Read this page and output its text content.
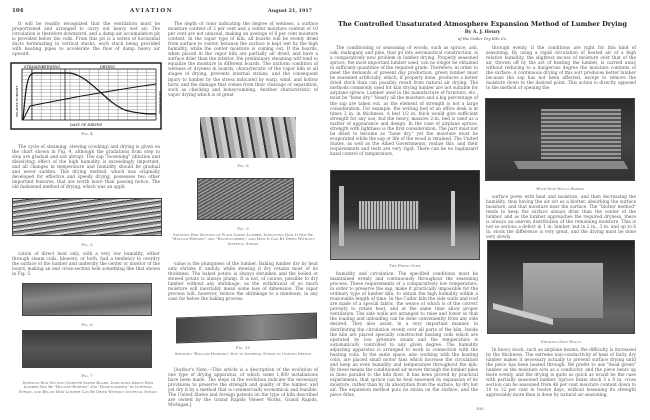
104	AVIATION	August 21, 1917

It will be readily recognized that the ventilation must be proportioned and arranged to carry out heavy wet air. The circulation is therefore downward, and a damp air accumulation pit is provided below the coils. From this pit is a series of horizontal ducts terminating in vertical stacks, each stack being provided with heating pipes to accelerate the flow of damp heavy air upward.

STEAMING
STEWING	DRYING
DAYS OF DRYING
RELATIVE HUMIDITY	TEMPERATURE
Fig. 4

The cycle of steaming, stewing (cooking) and drying is given on the chart shown in Fig. 4, although the gradations from step to step are gradual and not abrupt. The sap "loosening" (dilution and dissolving) effect of the high humidity is exceedingly important, and all changes in temperature and humidity should be gradual and never sudden. This drying method, which was originally developed for effective and speedy drying, possesses two other important features, that are worth more than passing notice. The old fashioned method of drying, which was an appli-

Fig. 5

cation of direct heat only, with a very low humidity, either through steam coils, blowers, or both, had a tendency to overdry the surface of the lumber and underdry the center or interior of the board, making an end cross-section look something like that shown in Fig. 5.

Fig. 6
Fig. 7
Showing End Section Quarter Sawed Board, Indicating Above How Lumber May Be "Hollow-Horned" and "Honeycombed" by Internal Strain, and Below How Lumber Can Be Dried Without Internal Strain

The depth of color indicating the degree of wetness, a surface moisture content of 2 per cent and a center moisture content of 10 per cent are not unusual, making an average of 6 per cent moisture content. In the vapor type of kiln, all boards will be evenly dried from surface to center, because the surface is kept wet by the high humidity, while the center moisture is coming out. If the boards, when placed in the vapor kiln are partially air dried, and have a surface drier than the interior, the preliminary steaming will tend to equalize the moisture in different boards. The uniform condition of wetness or dryness in boards, characteristic of the vapor kiln at all stages of drying, prevents internal strains, and the consequent injury to lumber by the stress indicated by warp, wind, and hollow horn, and the damage that comes from their cleavage or separation, such as checking and honeycombing. Another characteristic of vapor drying which is of great

Fig. 8
Fig. 9
Showing End Section of Plain Sawed Lumber, Indicating How It May Be "Hollow-Horned" and "Honeycombed," and How It Can Be Dried Without Internal Strain

value is the plumpness of the lumber. Baking lumber dry by heat only shrinks it unduly, while stewing it dry retains most of its thickness. The baked potato is always shrunken and the boiled or stewed potato is always plump. It is not, of course, possible to dry lumber without any shrinkage, as the withdrawal of so much moisture will inevitably mean some loss of dimension. The vapor process will, however, reduce the shrinkage to a minimum, in any case far below the baking process.

Fig. 10
Showing "Hollow-Horning" Due to Internal Strain in Uneven Drying

[Author's Note.—This article is a description of the evolution of one type of drying apparatus, of which some 1,800 installations have been made. The steps in the evolution indicate the necessary provisions to preserve the strength and quality of the lumber, and yet dry it by a method that is commercially economical and feasible. The United States and foreign patents on the type of kiln described are owned by the Grand Rapids Veneer Works, Grand Rapids, Michigan.]

The Controlled Unsaturated Atmosphere Expansion Method of Lumber Drying
By A. J. Henry
of the Cutler Dry Kiln Co.

The conditioning or seasoning of woods, such as spruce, ash, oak, mahogany and pine, that go into aeronautical construction, is a comparatively new problem in lumber drying. Properly seasoned spruce, the most important lumber used, can no longer be obtained in sufficient quantities of the required grade. Therefore, in order to meet the demands of present day production, green lumber must be seasoned artificially, which, if properly done, produces a better dried stock than can possibly result from natural air drying. The methods commonly used for kiln drying lumber are not suitable for airplane spruce. Lumber used in the manufacture of furniture, etc., must be "bone dry." Nearly all the moisture and a big percentage of the sap are taken out, as the element of strength is not a large consideration. For example, the writing bed of an office desk is at times 2 in. in thickness. A bed 1/2 in. thick would give sufficient strength for any use, but the heavy, massive 2-in. bed is used as a matter of appearance and design. In the case of airplane spruce, strength with lightness is the first consideration. The part must not be dried to become as "bone dry," yet the moisture must be evaporated while the sap or life of the wood is retained. The United States, as well as the Allied Governments, realize this, and their requirements and tests are very rigid. There can be no haphazard hand control of temperature,

The Front View

humidity and circulation. The specified conditions must be maintained evenly and continuously throughout the seasoning process. These requirements of a comparatively low temperature, in order to preserve the sap, make it practically impossible for the ordinary type of lumber kiln, to obtain the high humidity within a reasonable length of time. In the Cutler kiln the side walls and roof are made of a special fabric, the weave of which is of the correct porosity to retain heat, and at the same time allow proper ventilation. The side walls are arranged to raise and lower so that the loading and unloading can be done conveniently from any side desired. They also assist, in a very important manner, in distributing the circulation evenly over all parts of the kiln. Inside the kiln are placed specially constructed heating coils which are operated by low pressure steam and the temperature is automatically controlled to any given degree. The humidity adjusting apparatus is arranged to work in connection with the heating coils. In the same space, also working with the heating coils, are placed small motor fans which increase the circulation and keep an even humidity and temperature throughout the kiln. By these means the conditioned air moves through the lumber piles in lines parallel to the kiln floor. It has been proved by practical experiments, that spruce can be best seasoned by expansion of its moisture, rather than by its absorption from the surface, by dry hot air. The expansion method puts no strain on the surface, and the piece dries

through evenly, if the conditions are right for this kind of seasoning. By using a rapid circulation of heated air of a high relative humidity, the slightest excess of moisture over that of the air, thrown off by the act of heating the lumber, is carried away without reducing to a dangerous degree the moisture contents of the surface. A continuous drying of this sort produces better lumber because the sap has not been affected, except to remove the moisture down to the desired point. This action is directly opposed to the method of opening the

With Side Walls Raised

surface pores with heat and moisture, and then decreasing the humidity, thus having the air act as a blotter, absorbing the surface moisture, and that moisture near the surface. The "blotter method" tends to keep the surface always drier than the center of the lumber, and as the lumber approaches the required dryness, there is always an uneven distribution of the remaining moisture. This is not so serious a defect in 1 in. lumber, but in 2 in., 3 in. and up to 6 in. stock the difference is very great, and the drying must be done very slowly.

Showing Side Walls

In heavy stock, such as airplane beams, the difficulty is increased by the thickness. The extreme non-conductivity of heat of fairly dry lumber makes it necessary actually to prevent surface drying until the piece has been heated through. We prefer to use "dead green" lumber as the moisture acts as a conductor, and the piece heats up more evenly, and the drying is quite as quick as would be the case with partially seasoned lumber. Spruce beam stock 3 x 8 in. cross section can be seasoned from 48 per cent moisture content down to 10 to 12 per cent in twelve days, without lessening its strength appreciably more than is done by natural air seasoning.

105
